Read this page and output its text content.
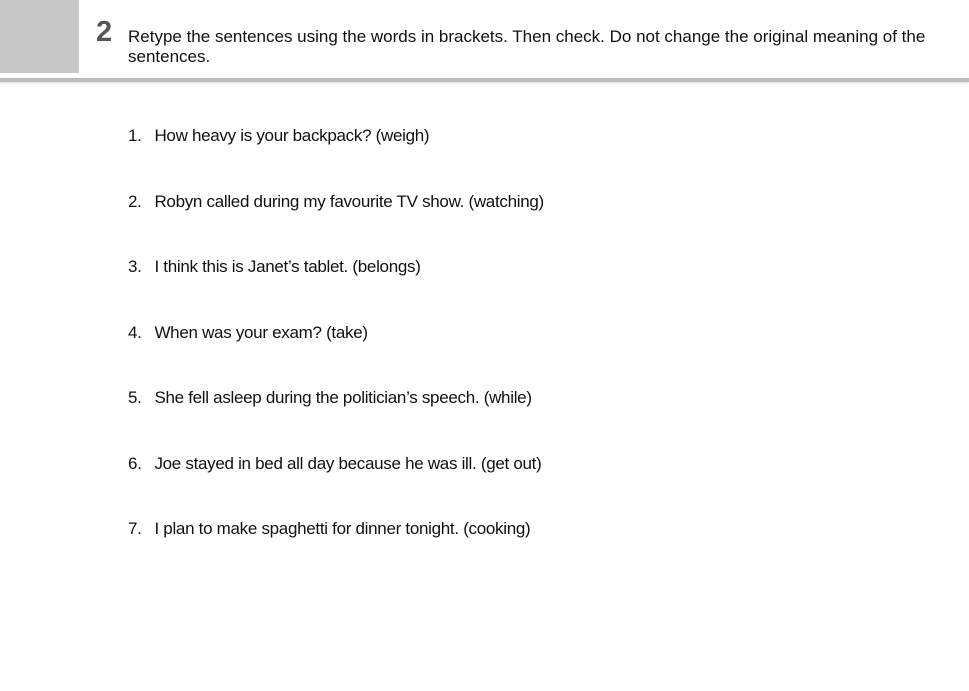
2 Retype the sentences using the words in brackets. Then check. Do not change the original meaning of the sentences.
1. How heavy is your backpack? (weigh)
2. Robyn called during my favourite TV show. (watching)
3. I think this is Janet’s tablet. (belongs)
4. When was your exam? (take)
5. She fell asleep during the politician’s speech. (while)
6. Joe stayed in bed all day because he was ill. (get out)
7. I plan to make spaghetti for dinner tonight. (cooking)
